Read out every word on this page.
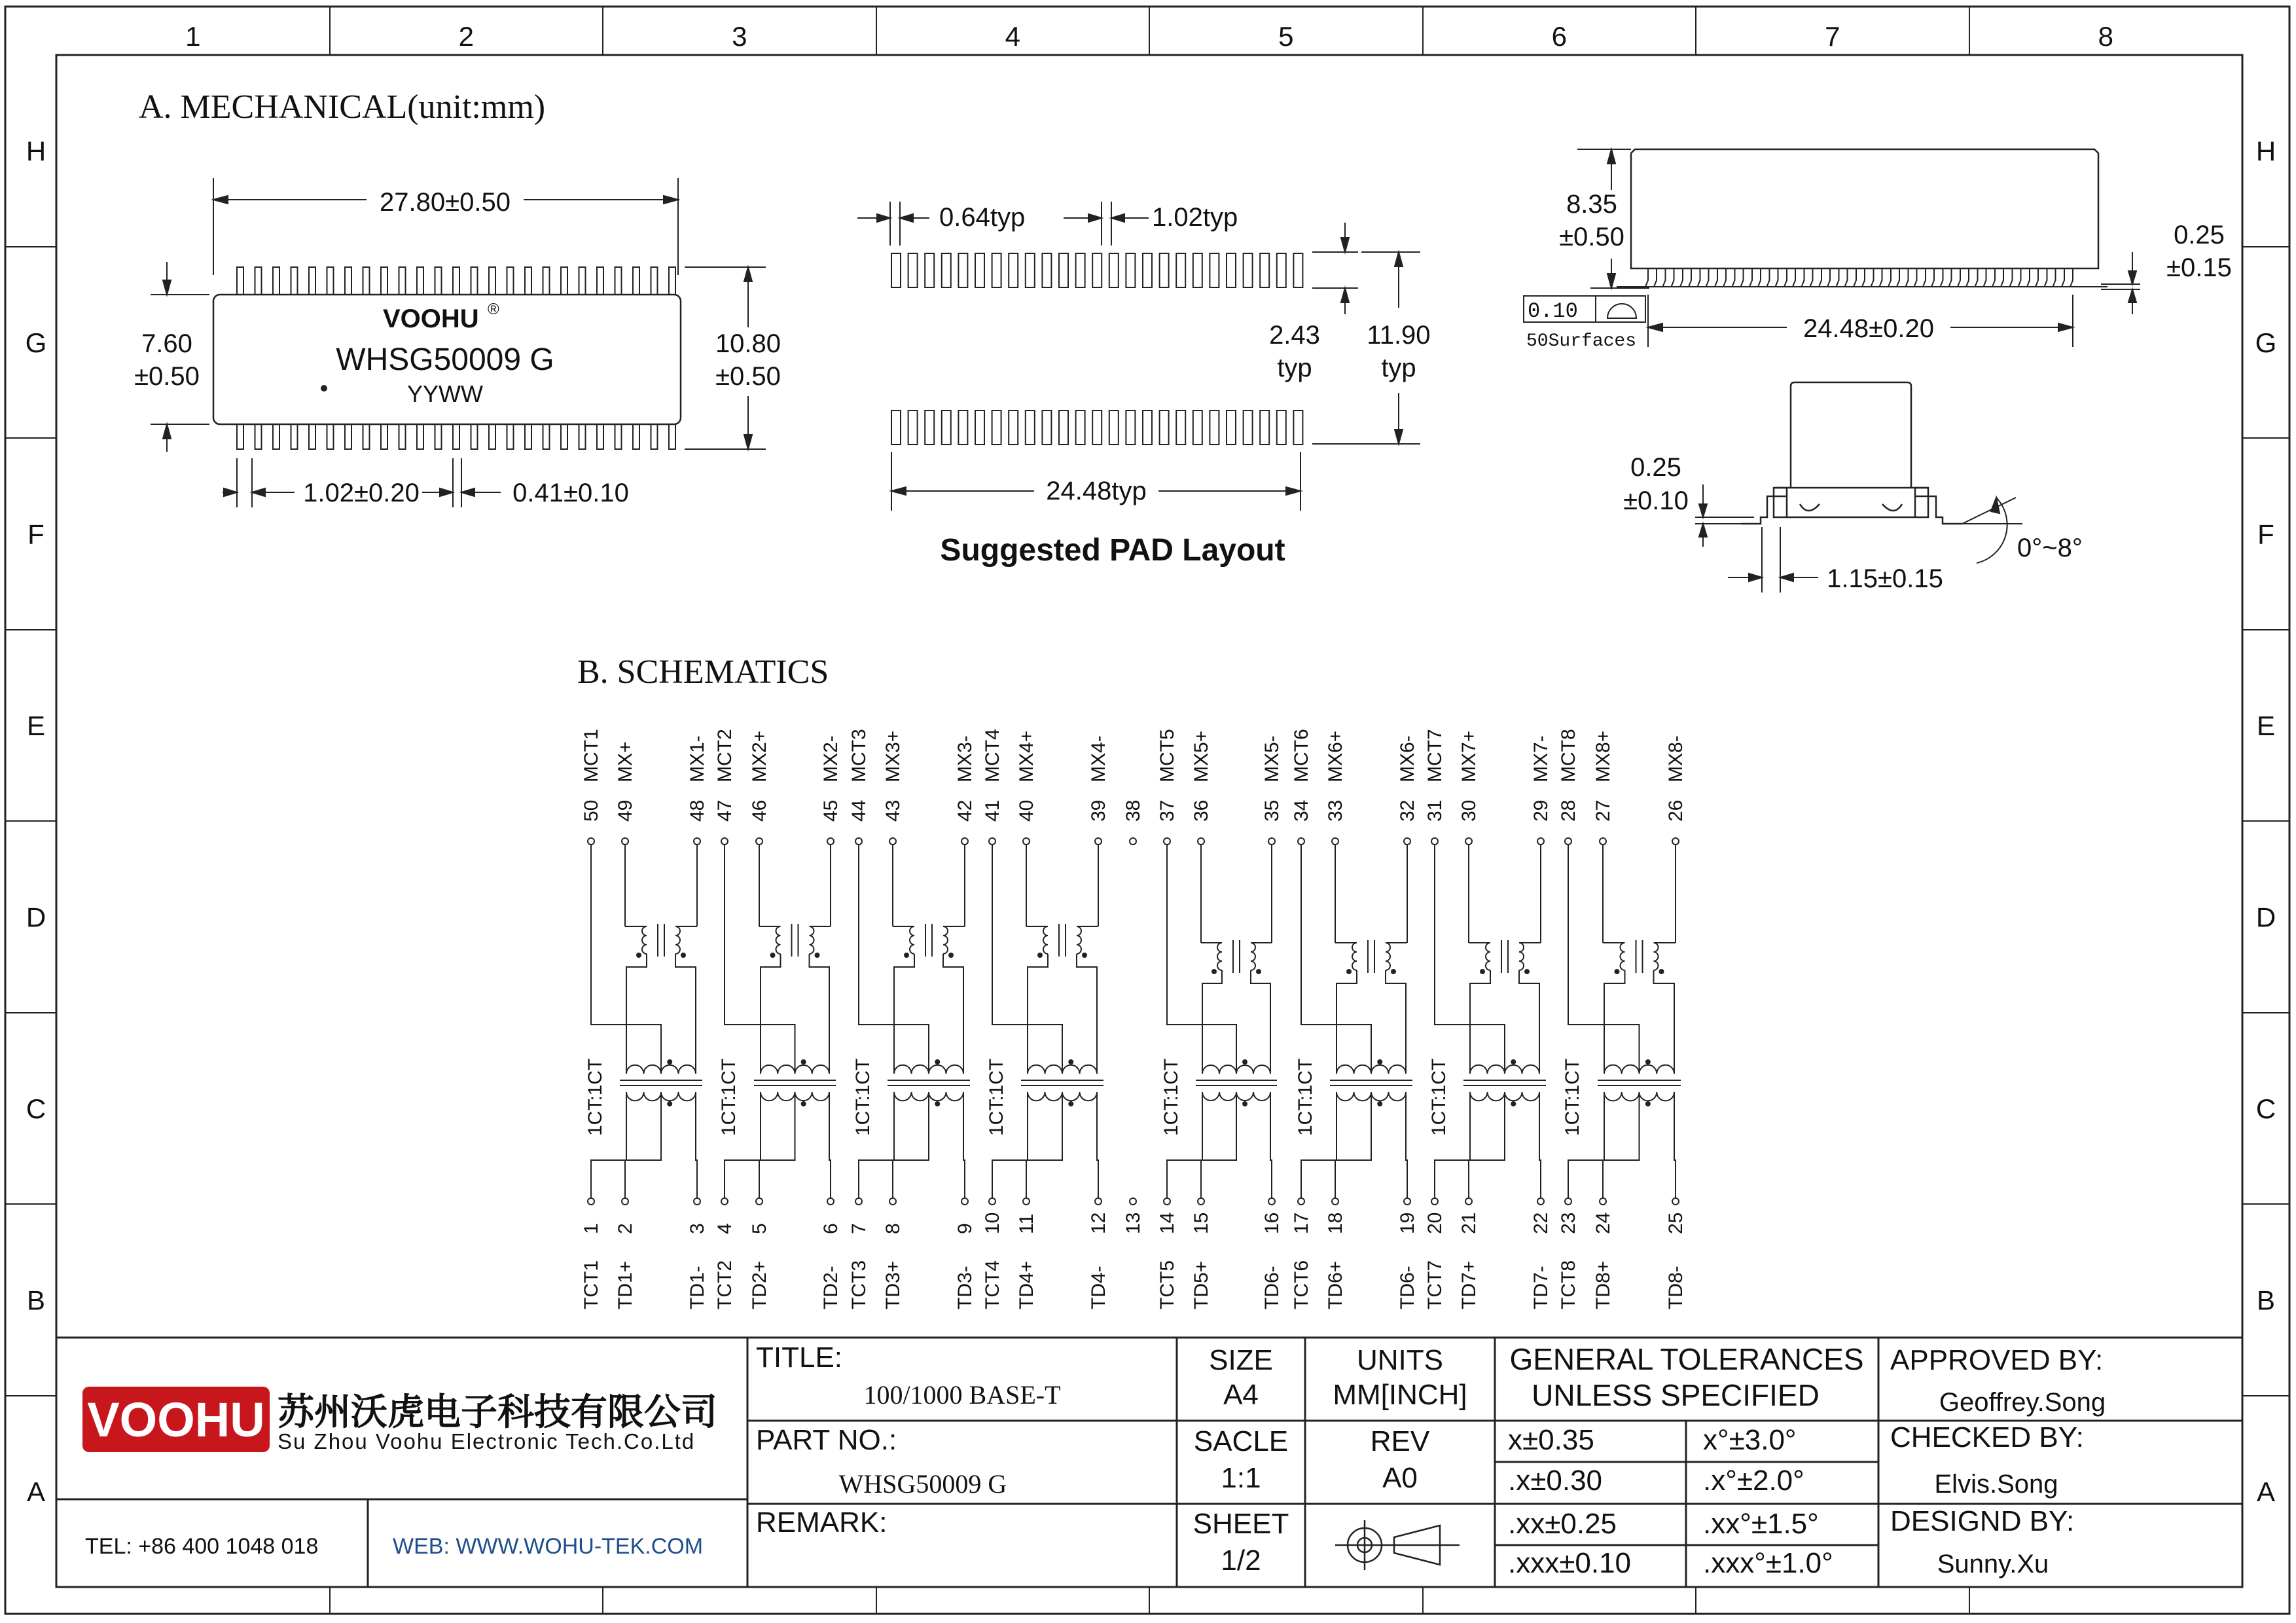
1	2	3	4	5	6	7	8
H	H
G	G
F	F
E	E
D	D
C	C
B	B
A	A
A. MECHANICAL(unit:mm)
VOOHU ®
WHSG50009 G
YYWW
27.80±0.50
7.60
±0.50
10.80
±0.50
1.02±0.20	0.41±0.10
0.64typ	1.02typ
2.43
typ
11.90
typ
24.48typ
Suggested PAD Layout
8.35
±0.50	0.25
±0.15
24.48±0.20
0.10
50Surfaces
0.25
±0.10
1.15±0.15
0°~8°
B. SCHEMATICS
50
MCT1
49
MX+
48
MX1-
47
MCT2
46
MX2+
45
MX2-
44
MCT3
43
MX3+
42
MX3-
41
MCT4
40
MX4+
39
MX4-
38 37
MCT5
36
MX5+
35
MX5-
34
MCT6
33
MX6+
32
MX6-
31
MCT7
30
MX7+
29
MX7-
28
MCT8
27
MX8+
26
MX8-
1
TCT1
2
TD1+
3
TD1-
4
TCT2
5
TD2+
6
TD2-
7
TCT3
8
TD3+
9
TD3-
10
TCT4
11
TD4+
12
TD4-
13 14
TCT5
15
TD5+
16
TD6-
17
TCT6
18
TD6+
19
TD6-
20
TCT7
21
TD7+
22
TD7-
23
TCT8
24
TD8+
25
TD8-
1CT:1CT	1CT:1CT	1CT:1CT	1CT:1CT	1CT:1CT	1CT:1CT	1CT:1CT	1CT:1CT
VOOHU 苏州沃虎电子科技有限公司
Su Zhou Voohu Electronic Tech.Co.Ltd
TEL: +86 400 1048 018	WEB: WWW.WOHU-TEK.COM
TITLE:
100/1000 BASE-T
PART NO.:
WHSG50009 G
REMARK:
SIZE
A4
UNITS
MM[INCH]
SACLE
1:1
REV
A0
SHEET
1/2
GENERAL TOLERANCES
UNLESS SPECIFIED
x±0.35	x°±3.0°
.x±0.30	.x°±2.0°
.xx±0.25	.xx°±1.5°
.xxx±0.10 .xxx°±1.0°
APPROVED BY:
Geoffrey.Song
CHECKED BY:
Elvis.Song
DESIGND BY:
Sunny.Xu
